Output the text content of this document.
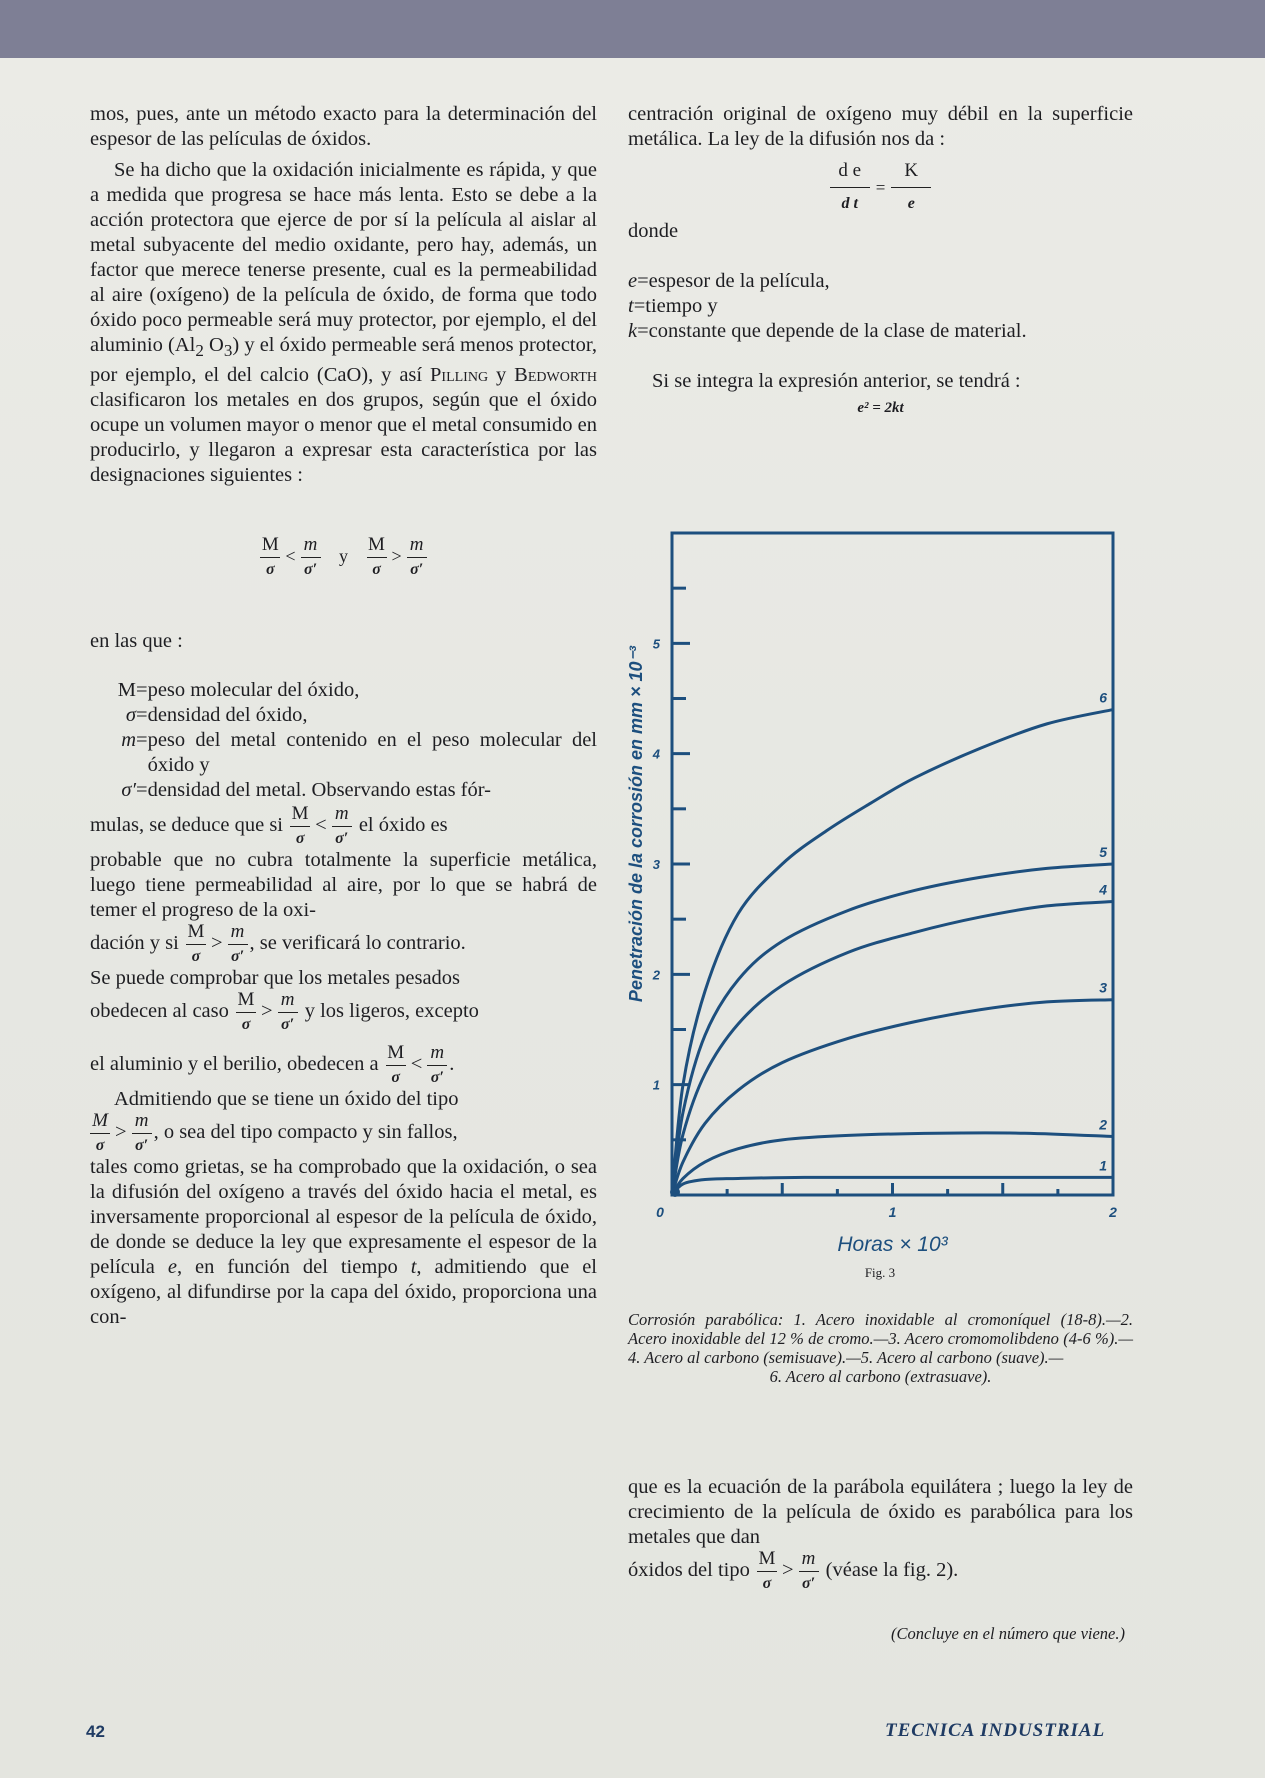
mos, pues, ante un método exacto para la determinación del espesor de las películas de óxidos.

Se ha dicho que la oxidación inicialmente es rápida, y que a medida que progresa se hace más lenta. Esto se debe a la acción protectora que ejerce de por sí la película al aislar al metal subyacente del medio oxidante, pero hay, además, un factor que merece tenerse presente, cual es la permeabilidad al aire (oxígeno) de la película de óxido, de forma que todo óxido poco permeable será muy protector, por ejemplo, el del aluminio ($Al_2$ $O_3$) y el óxido permeable será menos protector, por ejemplo, el del calcio (CaO), y así Pilling y Bedworth clasificaron los metales en dos grupos, según que el óxido ocupe un volumen mayor o menor que el metal consumido en producirlo, y llegaron a expresar esta característica por las designaciones siguientes :

M
σ
<
m
σ′
y
M
σ
>
m
σ′

en las que :

M = peso molecular del óxido,
σ = densidad del óxido,
m = peso del metal contenido en el peso molecular del óxido y
σ′ = densidad del metal. Observando estas fór-
mulas, se deduce que si
M
σ
<
m
σ′
el óxido es

probable que no cubra totalmente la superficie metálica, luego tiene permeabilidad al aire, por lo que se habrá de temer el progreso de la oxi-

dación y si
M
σ
>
m
σ′
, se verificará lo contrario.

Se puede comprobar que los metales pesados

obedecen al caso
M
σ
>
m
σ′
y los ligeros, excepto
el aluminio y el berilio, obedecen a
M
σ
<
m
σ′
.

Admitiendo que se tiene un óxido del tipo

M
σ
>
m
σ′
, o sea del tipo compacto y sin fallos,

tales como grietas, se ha comprobado que la oxidación, o sea la difusión del oxígeno a través del óxido hacia el metal, es inversamente proporcional al espesor de la película de óxido, de donde se deduce la ley que expresamente el espesor de la película e, en función del tiempo t, admitiendo que el oxígeno, al difundirse por la capa del óxido, proporciona una con-

centración original de oxígeno muy débil en la superficie metálica. La ley de la difusión nos da :

d e
d t
=
K
e

donde

e = espesor de la película,
t = tiempo y
k = constante que depende de la clase de material.

Si se integra la expresión anterior, se tendrá :

e² = 2kt
1
2
3
4
5
0	1	2
Horas × 10³
Penetración de la corrosión en mm × 10⁻³
1
2
3
4
5
6
Fig. 3
Corrosión parabólica: 1. Acero inoxidable al cromoníquel (18-8).—2. Acero inoxidable del 12 % de cromo.—3. Acero cromomolibdeno (4-6 %).—4. Acero al carbono (semisuave).—5. Acero al carbono (suave).—
6. Acero al carbono (extrasuave).

que es la ecuación de la parábola equilátera ; luego la ley de crecimiento de la película de óxido es parabólica para los metales que dan

óxidos del tipo
M
σ
>
m
σ′
(véase la fig. 2).
(Concluye en el número que viene.)
42	TECNICA INDUSTRIAL
